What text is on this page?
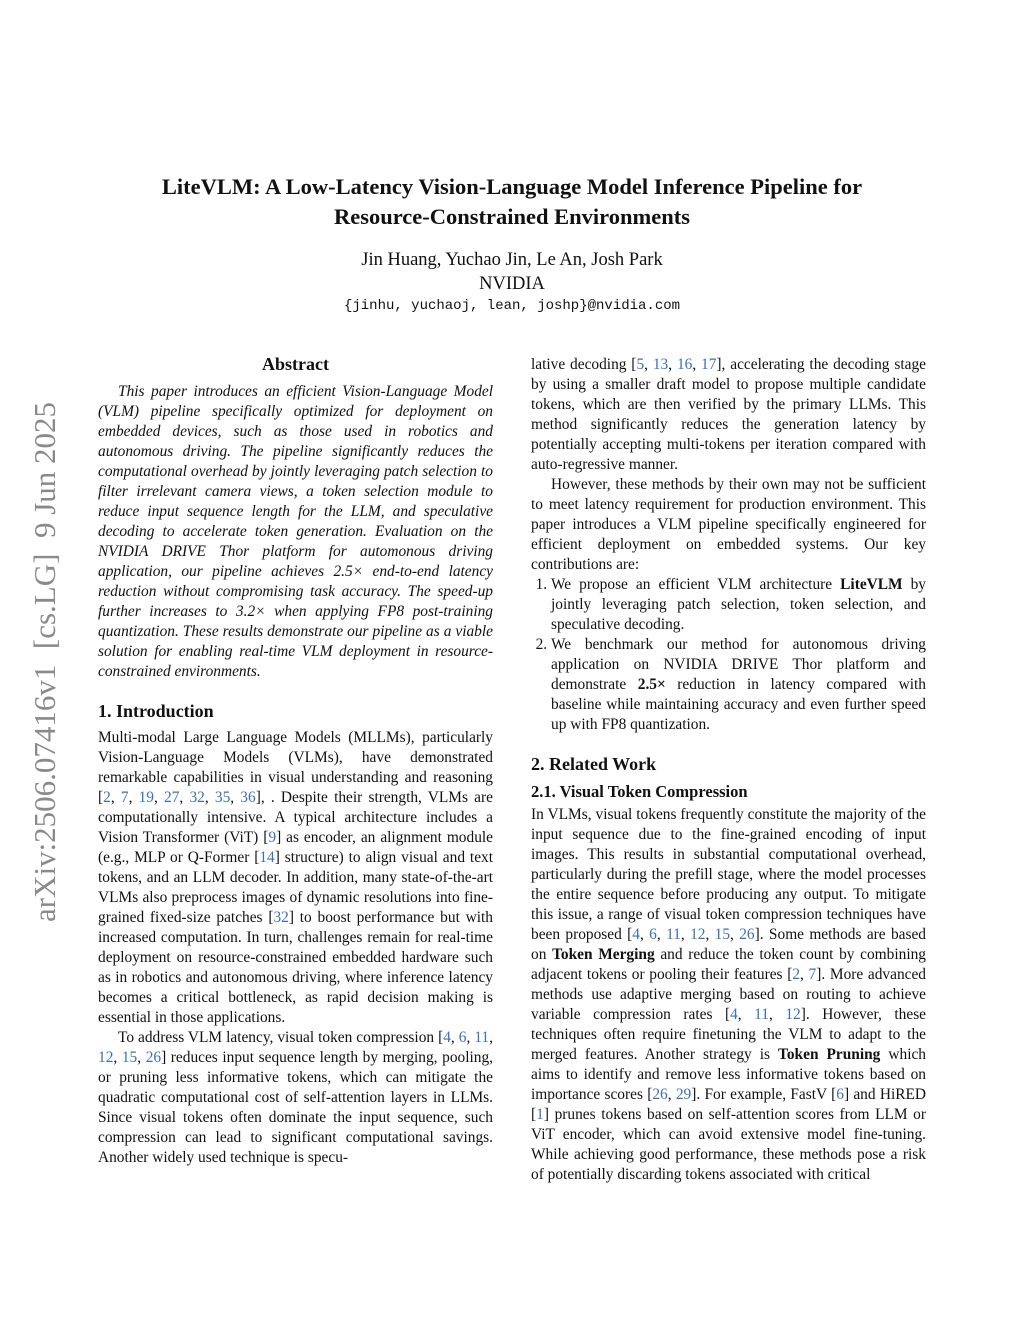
arXiv:2506.07416v1  [cs.LG]  9 Jun 2025
LiteVLM: A Low-Latency Vision-Language Model Inference Pipeline for
Resource-Constrained Environments
Jin Huang, Yuchao Jin, Le An, Josh Park
NVIDIA
{jinhu, yuchaoj, lean, joshp}@nvidia.com
Abstract

This paper introduces an efficient Vision-Language Model (VLM) pipeline specifically optimized for deployment on embedded devices, such as those used in robotics and autonomous driving. The pipeline significantly reduces the computational overhead by jointly leveraging patch selection to filter irrelevant camera views, a token selection module to reduce input sequence length for the LLM, and speculative decoding to accelerate token generation. Evaluation on the NVIDIA DRIVE Thor platform for automonous driving application, our pipeline achieves 2.5× end-to-end latency reduction without compromising task accuracy. The speed-up further increases to 3.2× when applying FP8 post-training quantization. These results demonstrate our pipeline as a viable solution for enabling real-time VLM deployment in resource-constrained environments.

1. Introduction

Multi-modal Large Language Models (MLLMs), particularly Vision-Language Models (VLMs), have demonstrated remarkable capabilities in visual understanding and reasoning [2, 7, 19, 27, 32, 35, 36], . Despite their strength, VLMs are computationally intensive. A typical architecture includes a Vision Transformer (ViT) [9] as encoder, an alignment module (e.g., MLP or Q-Former [14] structure) to align visual and text tokens, and an LLM decoder. In addition, many state-of-the-art VLMs also preprocess images of dynamic resolutions into fine-grained fixed-size patches [32] to boost performance but with increased computation. In turn, challenges remain for real-time deployment on resource-constrained embedded hardware such as in robotics and autonomous driving, where inference latency becomes a critical bottleneck, as rapid decision making is essential in those applications.

To address VLM latency, visual token compression [4, 6, 11, 12, 15, 26] reduces input sequence length by merging, pooling, or pruning less informative tokens, which can mitigate the quadratic computational cost of self-attention layers in LLMs. Since visual tokens often dominate the input sequence, such compression can lead to significant computational savings. Another widely used technique is specu-

lative decoding [5, 13, 16, 17], accelerating the decoding stage by using a smaller draft model to propose multiple candidate tokens, which are then verified by the primary LLMs. This method significantly reduces the generation latency by potentially accepting multi-tokens per iteration compared with auto-regressive manner.

However, these methods by their own may not be sufficient to meet latency requirement for production environment. This paper introduces a VLM pipeline specifically engineered for efficient deployment on embedded systems. Our key contributions are:

1. We propose an efficient VLM architecture LiteVLM by jointly leveraging patch selection, token selection, and speculative decoding.
2. We benchmark our method for autonomous driving application on NVIDIA DRIVE Thor platform and demonstrate 2.5× reduction in latency compared with baseline while maintaining accuracy and even further speed up with FP8 quantization.
2. Related Work
2.1. Visual Token Compression

In VLMs, visual tokens frequently constitute the majority of the input sequence due to the fine-grained encoding of input images. This results in substantial computational overhead, particularly during the prefill stage, where the model processes the entire sequence before producing any output. To mitigate this issue, a range of visual token compression techniques have been proposed [4, 6, 11, 12, 15, 26]. Some methods are based on Token Merging and reduce the token count by combining adjacent tokens or pooling their features [2, 7]. More advanced methods use adaptive merging based on routing to achieve variable compression rates [4, 11, 12]. However, these techniques often require finetuning the VLM to adapt to the merged features. Another strategy is Token Pruning which aims to identify and remove less informative tokens based on importance scores [26, 29]. For example, FastV [6] and HiRED [1] prunes tokens based on self-attention scores from LLM or ViT encoder, which can avoid extensive model fine-tuning. While achieving good performance, these methods pose a risk of potentially discarding tokens associated with critical
